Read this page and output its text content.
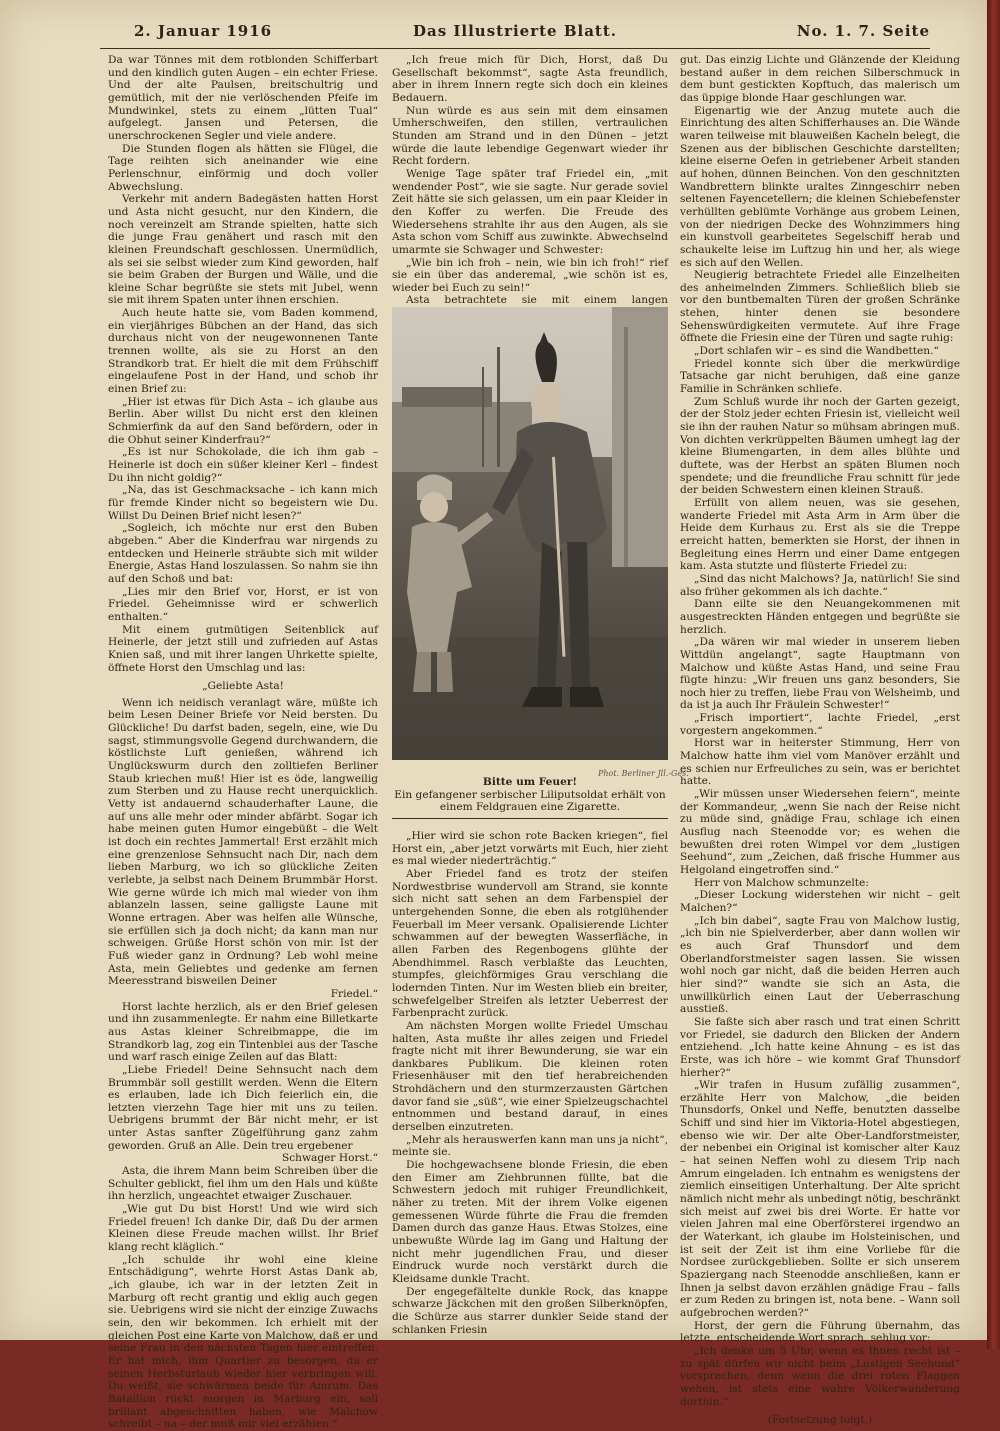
2. Januar 1916	Das Illustrierte Blatt.	No. 1. 7. Seite

Da war Tönnes mit dem rotblonden Schifferbart und den kindlich guten Augen – ein echter Friese. Und der alte Paulsen, breitschultrig und gemütlich, mit der nie verlöschenden Pfeife im Mundwinkel, stets zu einem „lütten Tual“ aufgelegt. Jansen und Petersen, die unerschrockenen Segler und viele andere.

Die Stunden flogen als hätten sie Flügel, die Tage reihten sich aneinander wie eine Perlenschnur, einförmig und doch voller Abwechslung.

Verkehr mit andern Badegästen hatten Horst und Asta nicht gesucht, nur den Kindern, die noch vereinzelt am Strande spielten, hatte sich die junge Frau genähert und rasch mit den kleinen Freundschaft geschlossen. Unermüdlich, als sei sie selbst wieder zum Kind geworden, half sie beim Graben der Burgen und Wälle, und die kleine Schar begrüßte sie stets mit Jubel, wenn sie mit ihrem Spaten unter ihnen erschien.

Auch heute hatte sie, vom Baden kommend, ein vierjähriges Bübchen an der Hand, das sich durchaus nicht von der neugewonnenen Tante trennen wollte, als sie zu Horst an den Strandkorb trat. Er hielt die mit dem Frühschiff eingelaufene Post in der Hand, und schob ihr einen Brief zu:

„Hier ist etwas für Dich Asta – ich glaube aus Berlin. Aber willst Du nicht erst den kleinen Schmierfink da auf den Sand befördern, oder in die Obhut seiner Kinderfrau?“

„Es ist nur Schokolade, die ich ihm gab – Heinerle ist doch ein süßer kleiner Kerl – findest Du ihn nicht goldig?“

„Na, das ist Geschmacksache – ich kann mich für fremde Kinder nicht so begeistern wie Du. Willst Du Deinen Brief nicht lesen?“

„Sogleich, ich möchte nur erst den Buben abgeben.“ Aber die Kinderfrau war nirgends zu entdecken und Heinerle sträubte sich mit wilder Energie, Astas Hand loszulassen. So nahm sie ihn auf den Schoß und bat:

„Lies mir den Brief vor, Horst, er ist von Friedel. Geheimnisse wird er schwerlich enthalten.“

Mit einem gutmütigen Seitenblick auf Heinerle, der jetzt still und zufrieden auf Astas Knien saß, und mit ihrer langen Uhrkette spielte, öffnete Horst den Umschlag und las:

„Geliebte Asta!

Wenn ich neidisch veranlagt wäre, müßte ich beim Lesen Deiner Briefe vor Neid bersten. Du Glückliche! Du darfst baden, segeln, eine, wie Du sagst, stimmungsvolle Gegend durchwandern, die köstlichste Luft genießen, während ich Unglückswurm durch den zolltiefen Berliner Staub kriechen muß! Hier ist es öde, langweilig zum Sterben und zu Hause recht unerquicklich. Vetty ist andauernd schauderhafter Laune, die auf uns alle mehr oder minder abfärbt. Sogar ich habe meinen guten Humor eingebüßt – die Welt ist doch ein rechtes Jammertal! Erst erzählt mich eine grenzenlose Sehnsucht nach Dir, nach dem lieben Marburg, wo ich so glückliche Zeiten verlebte, ja selbst nach Deinem Brummbär Horst. Wie gerne würde ich mich mal wieder von ihm ablanzeln lassen, seine galligste Laune mit Wonne ertragen. Aber was helfen alle Wünsche, sie erfüllen sich ja doch nicht; da kann man nur schweigen. Grüße Horst schön von mir. Ist der Fuß wieder ganz in Ordnung? Leb wohl meine Asta, mein Geliebtes und gedenke am fernen Meeresstrand bisweilen Deiner

Friedel.“

Horst lachte herzlich, als er den Brief gelesen und ihn zusammenlegte. Er nahm eine Billetkarte aus Astas kleiner Schreibmappe, die im Strandkorb lag, zog ein Tintenblei aus der Tasche und warf rasch einige Zeilen auf das Blatt:

„Liebe Friedel! Deine Sehnsucht nach dem Brummbär soll gestillt werden. Wenn die Eltern es erlauben, lade ich Dich feierlich ein, die letzten vierzehn Tage hier mit uns zu teilen. Uebrigens brummt der Bär nicht mehr, er ist unter Astas sanfter Zügelführung ganz zahm geworden. Gruß an Alle. Dein treu ergebener

Schwager Horst.“

Asta, die ihrem Mann beim Schreiben über die Schulter geblickt, fiel ihm um den Hals und küßte ihn herzlich, ungeachtet etwaiger Zuschauer.

„Wie gut Du bist Horst! Und wie wird sich Friedel freuen! Ich danke Dir, daß Du der armen Kleinen diese Freude machen willst. Ihr Brief klang recht kläglich.“

„Ich schulde ihr wohl eine kleine Entschädigung“, wehrte Horst Astas Dank ab, „ich glaube, ich war in der letzten Zeit in Marburg oft recht grantig und eklig auch gegen sie. Uebrigens wird sie nicht der einzige Zuwachs sein, den wir bekommen. Ich erhielt mit der gleichen Post eine Karte von Malchow, daß er und seine Frau in den nächsten Tagen hier eintreffen. Er hat mich, ihm Quartier zu besorgen, da er seinen Herbsturlaub wieder hier verbringen will. Du weißt, sie schwärmen beide für Amrum. Das Bataillon rückt morgen in Marburg ein, soll brillant abgeschnitten haben, wie Malchow schreibt – na – der muß mir viel erzählen.“

„Ich freue mich für Dich, Horst, daß Du Gesellschaft bekommst“, sagte Asta freundlich, aber in ihrem Innern regte sich doch ein kleines Bedauern.

Nun würde es aus sein mit dem einsamen Umherschweifen, den stillen, vertraulichen Stunden am Strand und in den Dünen – jetzt würde die laute lebendige Gegenwart wieder ihr Recht fordern.

Wenige Tage später traf Friedel ein, „mit wendender Post“, wie sie sagte. Nur gerade soviel Zeit hätte sie sich gelassen, um ein paar Kleider in den Koffer zu werfen. Die Freude des Wiedersehens strahlte ihr aus den Augen, als sie Asta schon vom Schiff aus zuwinkte. Abwechselnd umarmte sie Schwager und Schwester:

„Wie bin ich froh – nein, wie bin ich froh!“ rief sie ein über das anderemal, „wie schön ist es, wieder bei Euch zu sein!“

Asta betrachtete sie mit einem langen

Phot. Berliner Jll.-Ges.
Bitte um Feuer!
Ein gefangener serbischer Liliputsoldat erhält von einem Feldgrauen eine Zigarette.

„Hier wird sie schon rote Backen kriegen“, fiel Horst ein, „aber jetzt vorwärts mit Euch, hier zieht es mal wieder niederträchtig.“

Aber Friedel fand es trotz der steifen Nordwestbrise wundervoll am Strand, sie konnte sich nicht satt sehen an dem Farbenspiel der untergehenden Sonne, die eben als rotglühender Feuerball im Meer versank. Opalisierende Lichter schwammen auf der bewegten Wasserfläche, in allen Farben des Regenbogens glühte der Abendhimmel. Rasch verblaßte das Leuchten, stumpfes, gleichförmiges Grau verschlang die lodernden Tinten. Nur im Westen blieb ein breiter, schwefelgelber Streifen als letzter Ueberrest der Farbenpracht zurück.

Am nächsten Morgen wollte Friedel Umschau halten, Asta mußte ihr alles zeigen und Friedel fragte nicht mit ihrer Bewunderung, sie war ein dankbares Publikum. Die kleinen roten Friesenhäuser mit den tief herabreichenden Strohdächern und den sturmzerzausten Gärtchen davor fand sie „süß“, wie einer Spielzeugschachtel entnommen und bestand darauf, in eines derselben einzutreten.

„Mehr als herauswerfen kann man uns ja nicht“, meinte sie.

Die hochgewachsene blonde Friesin, die eben den Eimer am Ziehbrunnen füllte, bat die Schwestern jedoch mit ruhiger Freundlichkeit, näher zu treten. Mit der ihrem Volke eigenen gemessenen Würde führte die Frau die fremden Damen durch das ganze Haus. Etwas Stolzes, eine unbewußte Würde lag im Gang und Haltung der nicht mehr jugendlichen Frau, und dieser Eindruck wurde noch verstärkt durch die Kleidsame dunkle Tracht.

Der engegefältelte dunkle Rock, das knappe schwarze Jäckchen mit den großen Silberknöpfen, die Schürze aus starrer dunkler Seide stand der schlanken Friesin

gut. Das einzig Lichte und Glänzende der Kleidung bestand außer in dem reichen Silberschmuck in dem bunt gestickten Kopftuch, das malerisch um das üppige blonde Haar geschlungen war.

Eigenartig wie der Anzug mutete auch die Einrichtung des alten Schifferhauses an. Die Wände waren teilweise mit blauweißen Kacheln belegt, die Szenen aus der biblischen Geschichte darstellten; kleine eiserne Oefen in getriebener Arbeit standen auf hohen, dünnen Beinchen. Von den geschnitzten Wandbrettern blinkte uraltes Zinngeschirr neben seltenen Fayencetellern; die kleinen Schiebefenster verhüllten geblümte Vorhänge aus grobem Leinen, von der niedrigen Decke des Wohnzimmers hing ein kunstvoll gearbeitetes Segelschiff herab und schaukelte leise im Luftzug hin und her, als wiege es sich auf den Wellen.

Neugierig betrachtete Friedel alle Einzelheiten des anheimelnden Zimmers. Schließlich blieb sie vor den buntbemalten Türen der großen Schränke stehen, hinter denen sie besondere Sehenswürdigkeiten vermutete. Auf ihre Frage öffnete die Friesin eine der Türen und sagte ruhig:

„Dort schlafen wir – es sind die Wandbetten.“

Friedel konnte sich über die merkwürdige Tatsache gar nicht beruhigen, daß eine ganze Familie in Schränken schliefe.

Zum Schluß wurde ihr noch der Garten gezeigt, der der Stolz jeder echten Friesin ist, vielleicht weil sie ihn der rauhen Natur so mühsam abringen muß. Von dichten verkrüppelten Bäumen umhegt lag der kleine Blumengarten, in dem alles blühte und duftete, was der Herbst an späten Blumen noch spendete; und die freundliche Frau schnitt für jede der beiden Schwestern einen kleinen Strauß.

Erfüllt von allem neuen, was sie gesehen, wanderte Friedel mit Asta Arm in Arm über die Heide dem Kurhaus zu. Erst als sie die Treppe erreicht hatten, bemerkten sie Horst, der ihnen in Begleitung eines Herrn und einer Dame entgegen kam. Asta stutzte und flüsterte Friedel zu:

„Sind das nicht Malchows? Ja, natürlich! Sie sind also früher gekommen als ich dachte.“

Dann eilte sie den Neuangekommenen mit ausgestreckten Händen entgegen und begrüßte sie herzlich.

„Da wären wir mal wieder in unserem lieben Wittdün angelangt“, sagte Hauptmann von Malchow und küßte Astas Hand, und seine Frau fügte hinzu: „Wir freuen uns ganz besonders, Sie noch hier zu treffen, liebe Frau von Welsheimb, und da ist ja auch Ihr Fräulein Schwester!“

„Frisch importiert“, lachte Friedel, „erst vorgestern angekommen.“

Horst war in heiterster Stimmung, Herr von Malchow hatte ihm viel vom Manöver erzählt und es schien nur Erfreuliches zu sein, was er berichtet hatte.

„Wir müssen unser Wiedersehen feiern“, meinte der Kommandeur, „wenn Sie nach der Reise nicht zu müde sind, gnädige Frau, schlage ich einen Ausflug nach Steenodde vor; es wehen die bewußten drei roten Wimpel vor dem „lustigen Seehund“, zum „Zeichen, daß frische Hummer aus Helgoland eingetroffen sind.“

Herr von Malchow schmunzelte:

„Dieser Lockung widerstehen wir nicht – gelt Malchen?“

„Ich bin dabei“, sagte Frau von Malchow lustig, „ich bin nie Spielverderber, aber dann wollen wir es auch Graf Thunsdorf und dem Oberlandforstmeister sagen lassen. Sie wissen wohl noch gar nicht, daß die beiden Herren auch hier sind?“ wandte sie sich an Asta, die unwillkürlich einen Laut der Ueberraschung ausstieß.

Sie faßte sich aber rasch und trat einen Schritt vor Friedel, sie dadurch den Blicken der Andern entziehend. „Ich hatte keine Ahnung – es ist das Erste, was ich höre – wie kommt Graf Thunsdorf hierher?“

„Wir trafen in Husum zufällig zusammen“, erzählte Herr von Malchow, „die beiden Thunsdorfs, Onkel und Neffe, benutzten dasselbe Schiff und sind hier im Viktoria-Hotel abgestiegen, ebenso wie wir. Der alte Ober-Landforstmeister, der nebenbei ein Original ist komischer alter Kauz – hat seinen Neffen wohl zu diesem Trip nach Amrum eingeladen. Ich entnahm es wenigstens der ziemlich einseitigen Unterhaltung. Der Alte spricht nämlich nicht mehr als unbedingt nötig, beschränkt sich meist auf zwei bis drei Worte. Er hatte vor vielen Jahren mal eine Oberförsterei irgendwo an der Waterkant, ich glaube im Holsteinischen, und ist seit der Zeit ist ihm eine Vorliebe für die Nordsee zurückgeblieben. Sollte er sich unserem Spaziergang nach Steenodde anschließen, kann er Ihnen ja selbst davon erzählen gnädige Frau – falls er zum Reden zu bringen ist, nota bene. – Wann soll aufgebrochen werden?“

Horst, der gern die Führung übernahm, das letzte, entscheidende Wort sprach, sehlug vor:

„Ich denke um 5 Uhr, wenn es Ihnen recht ist – zu spät dürfen wir nicht beim „Lustigen Seehund“ vorsprechen, denn wenn die drei roten Flaggen wehen, ist stets eine wahre Völkerwanderung dorthin.“

(Fortsetzung folgt.)
